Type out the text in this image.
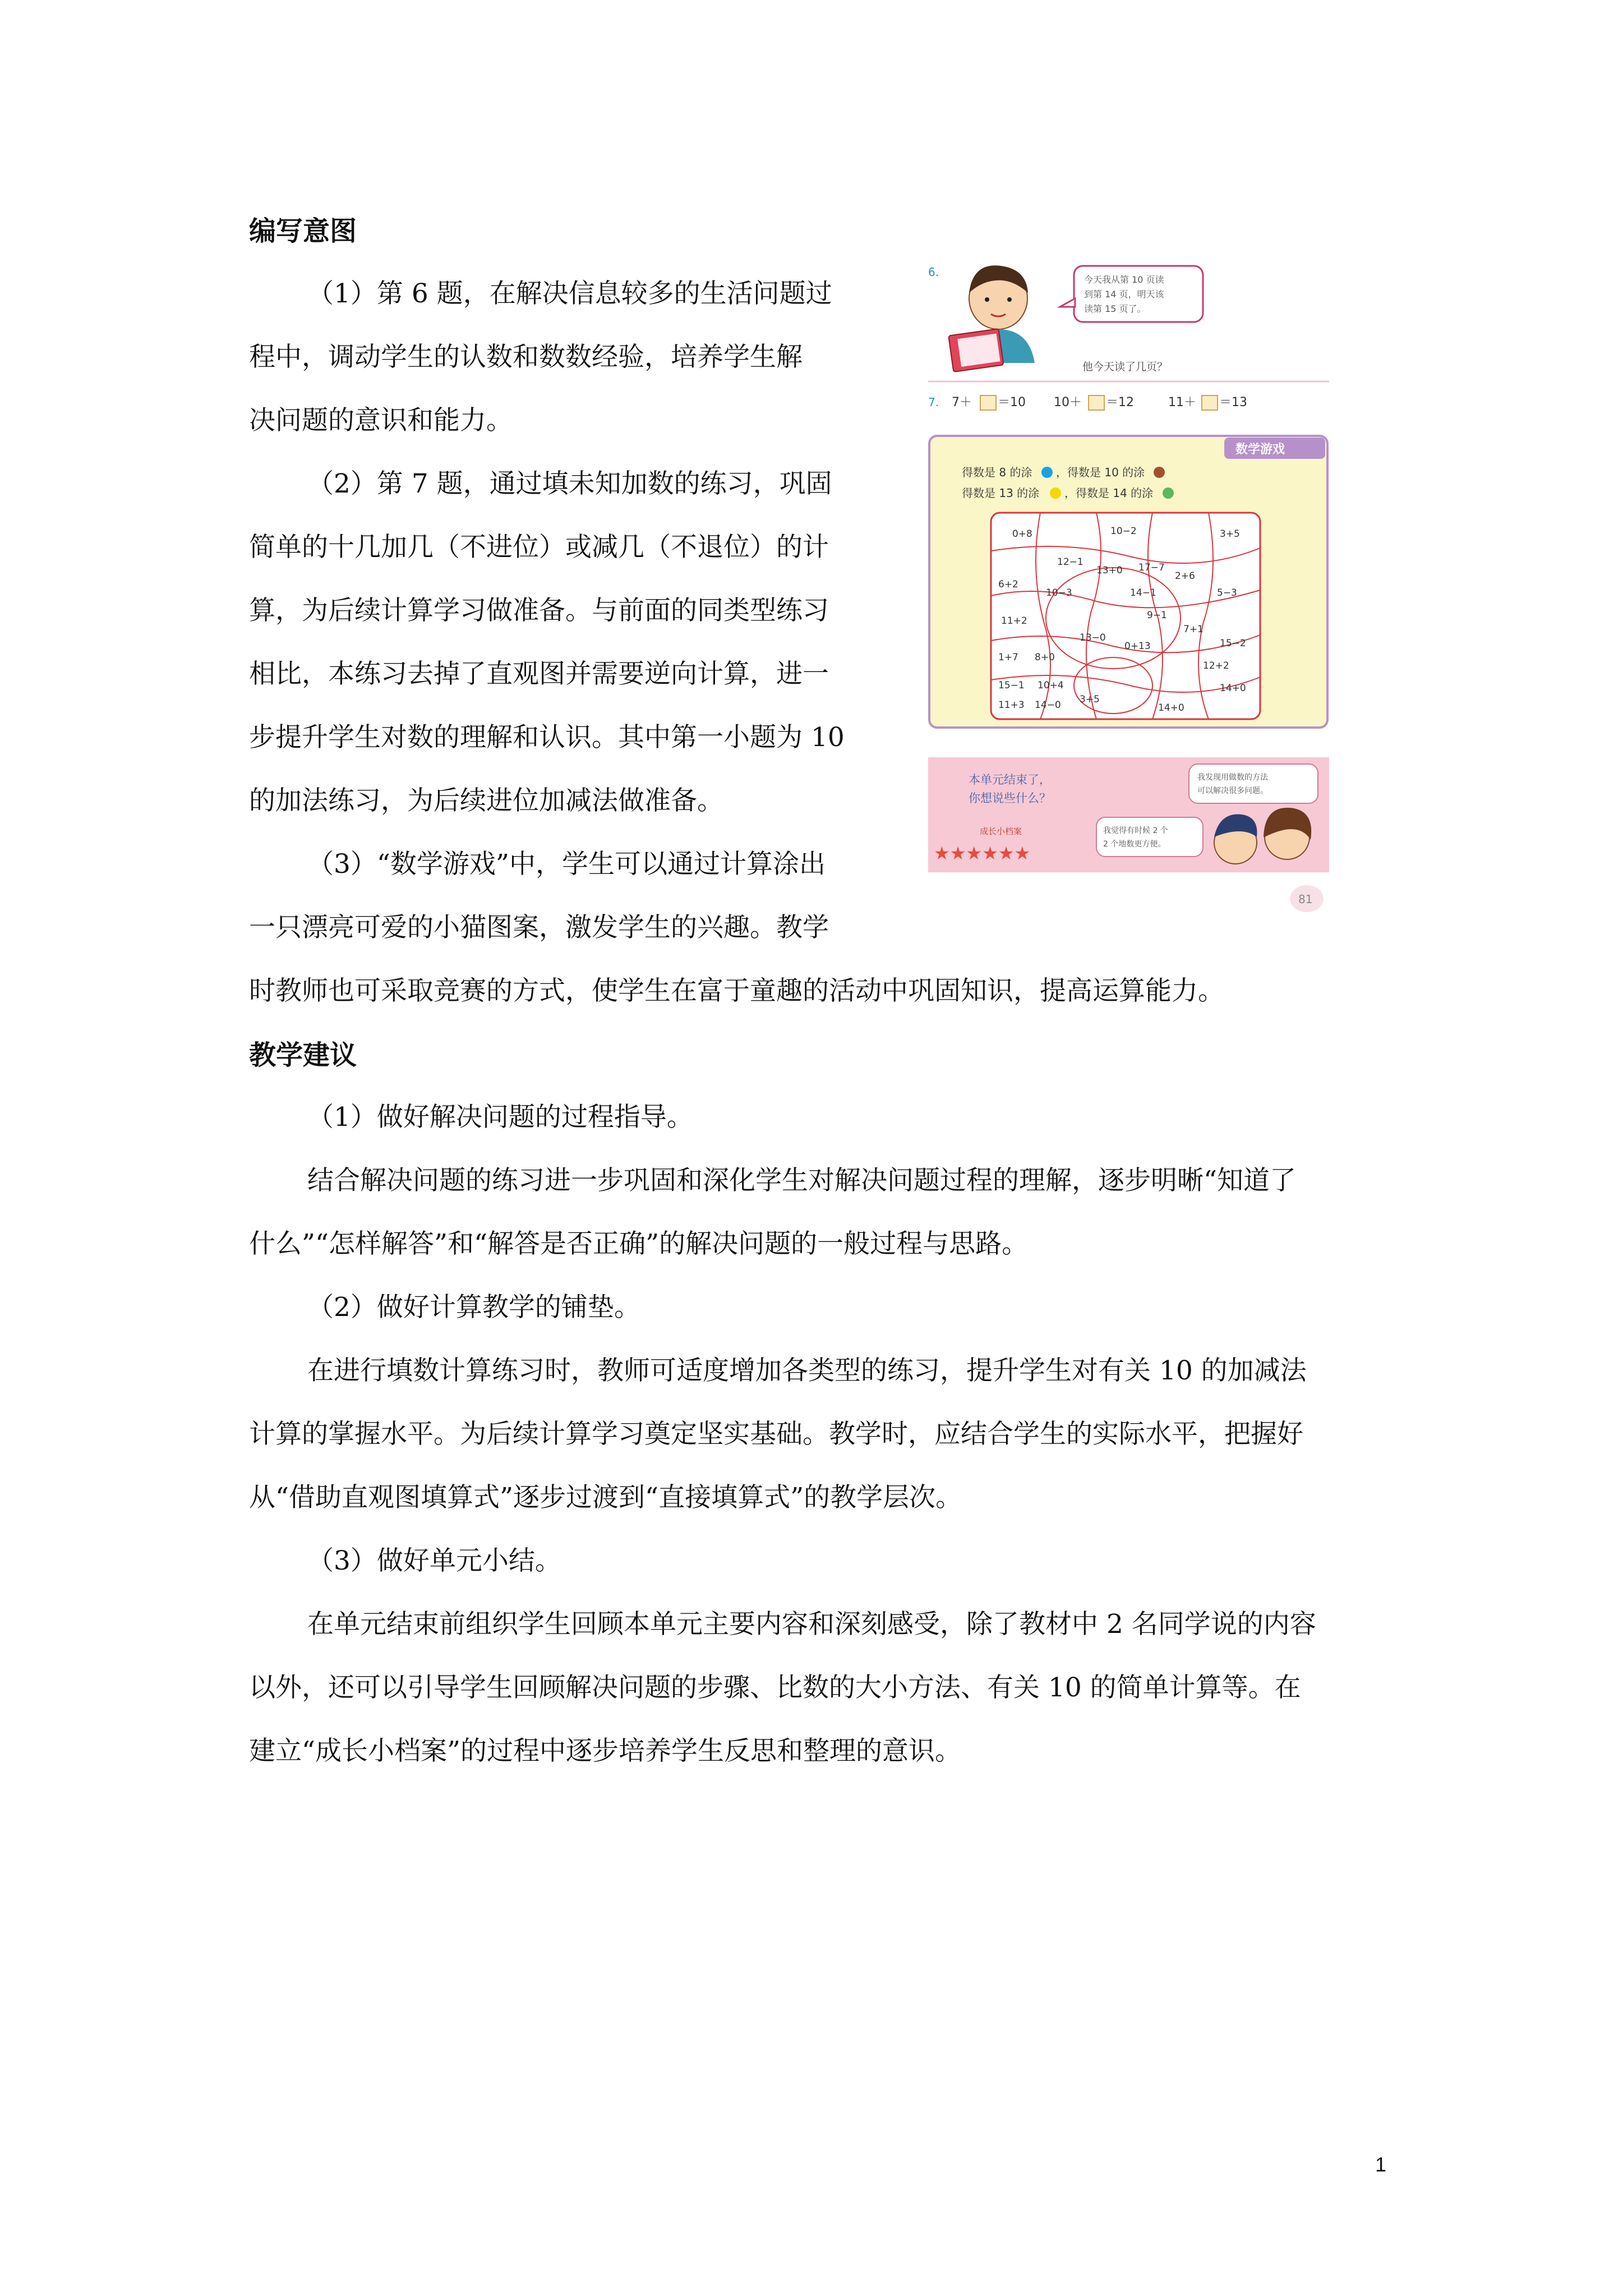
编写意图
（1）第 6 题，在解决信息较多的生活问题过
程中，调动学生的认数和数数经验，培养学生解
决问题的意识和能力。
（2）第 7 题，通过填未知加数的练习，巩固
简单的十几加几（不进位）或减几（不退位）的计
算，为后续计算学习做准备。与前面的同类型练习
相比，本练习去掉了直观图并需要逆向计算，进一
步提升学生对数的理解和认识。其中第一小题为 10
的加法练习，为后续进位加减法做准备。
（3）“数学游戏”中，学生可以通过计算涂出
一只漂亮可爱的小猫图案，激发学生的兴趣。教学
时教师也可采取竞赛的方式，使学生在富于童趣的活动中巩固知识，提高运算能力。
教学建议
（1）做好解决问题的过程指导。
结合解决问题的练习进一步巩固和深化学生对解决问题过程的理解，逐步明晰“知道了
什么”“怎样解答”和“解答是否正确”的解决问题的一般过程与思路。
（2）做好计算教学的铺垫。
在进行填数计算练习时，教师可适度增加各类型的练习，提升学生对有关 10 的加减法
计算的掌握水平。为后续计算学习奠定坚实基础。教学时，应结合学生的实际水平，把握好
从“借助直观图填算式”逐步过渡到“直接填算式”的教学层次。
（3）做好单元小结。
在单元结束前组织学生回顾本单元主要内容和深刻感受，除了教材中 2 名同学说的内容
以外，还可以引导学生回顾解决问题的步骤、比数的大小方法、有关 10 的简单计算等。在
建立“成长小档案”的过程中逐步培养学生反思和整理的意识。
6.
今天我从第 10 页读
到第 14 页，明天该
读第 15 页了。
他今天读了几页？
7. 7＋ ＝10 10＋ ＝12	11＋ ＝13
数学游戏
得数是 8 的涂 ，得数是 10 的涂
得数是 13 的涂 ，得数是 14 的涂
0+8	10−2	3+5
12−1
13+0 17−7
2+6
6+2
10−3	14−1	5−3
11+2	9−1
7+1
13−0	15−2
0+13
1+7 8+0
12+2
15−1 10+4
11+3 14−0 3+5
14+0
14+0
本单元结束了，
你想说些什么？
我发现用做数的方法
可以解决很多问题。
我觉得有时候 2 个
2 个地数更方便。
成长小档案
★★★★★★
81
1
